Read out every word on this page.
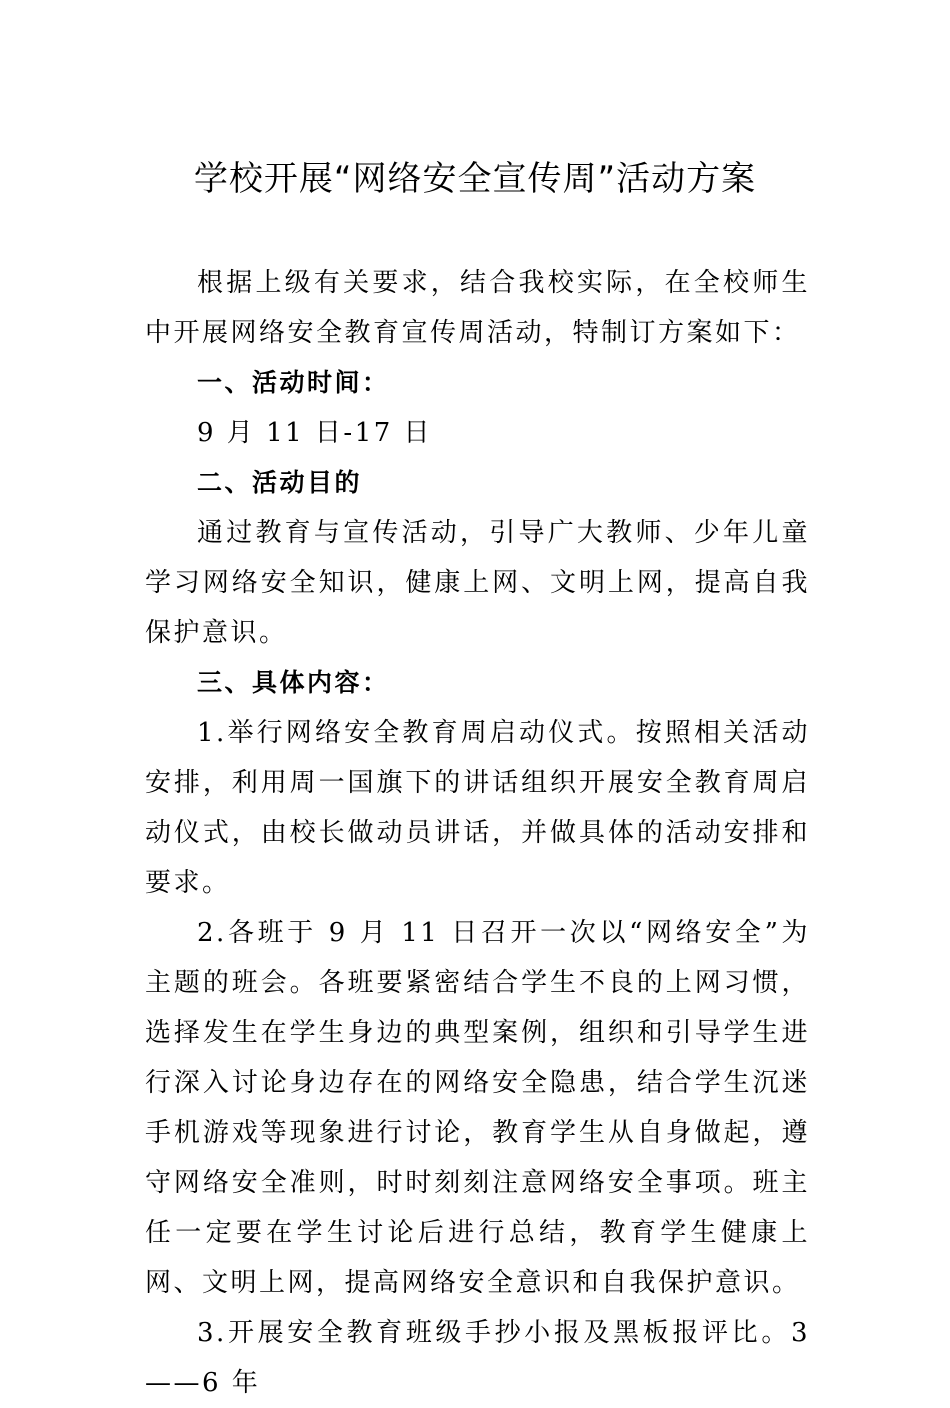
学校开展“网络安全宣传周”活动方案

根据上级有关要求，结合我校实际，在全校师生中开展网络安全教育宣传周活动，特制订方案如下：

一、活动时间：

9 月 11 日-17 日

二、活动目的

通过教育与宣传活动，引导广大教师、少年儿童学习网络安全知识，健康上网、文明上网，提高自我保护意识。

三、具体内容：

1.举行网络安全教育周启动仪式。按照相关活动安排，利用周一国旗下的讲话组织开展安全教育周启动仪式，由校长做动员讲话，并做具体的活动安排和要求。

2.各班于 9 月 11 日召开一次以“网络安全”为主题的班会。各班要紧密结合学生不良的上网习惯，选择发生在学生身边的典型案例，组织和引导学生进行深入讨论身边存在的网络安全隐患，结合学生沉迷手机游戏等现象进行讨论，教育学生从自身做起，遵守网络安全准则，时时刻刻注意网络安全事项。班主任一定要在学生讨论后进行总结，教育学生健康上网、文明上网，提高网络安全意识和自我保护意识。

3.开展安全教育班级手抄小报及黑板报评比。3——6 年
